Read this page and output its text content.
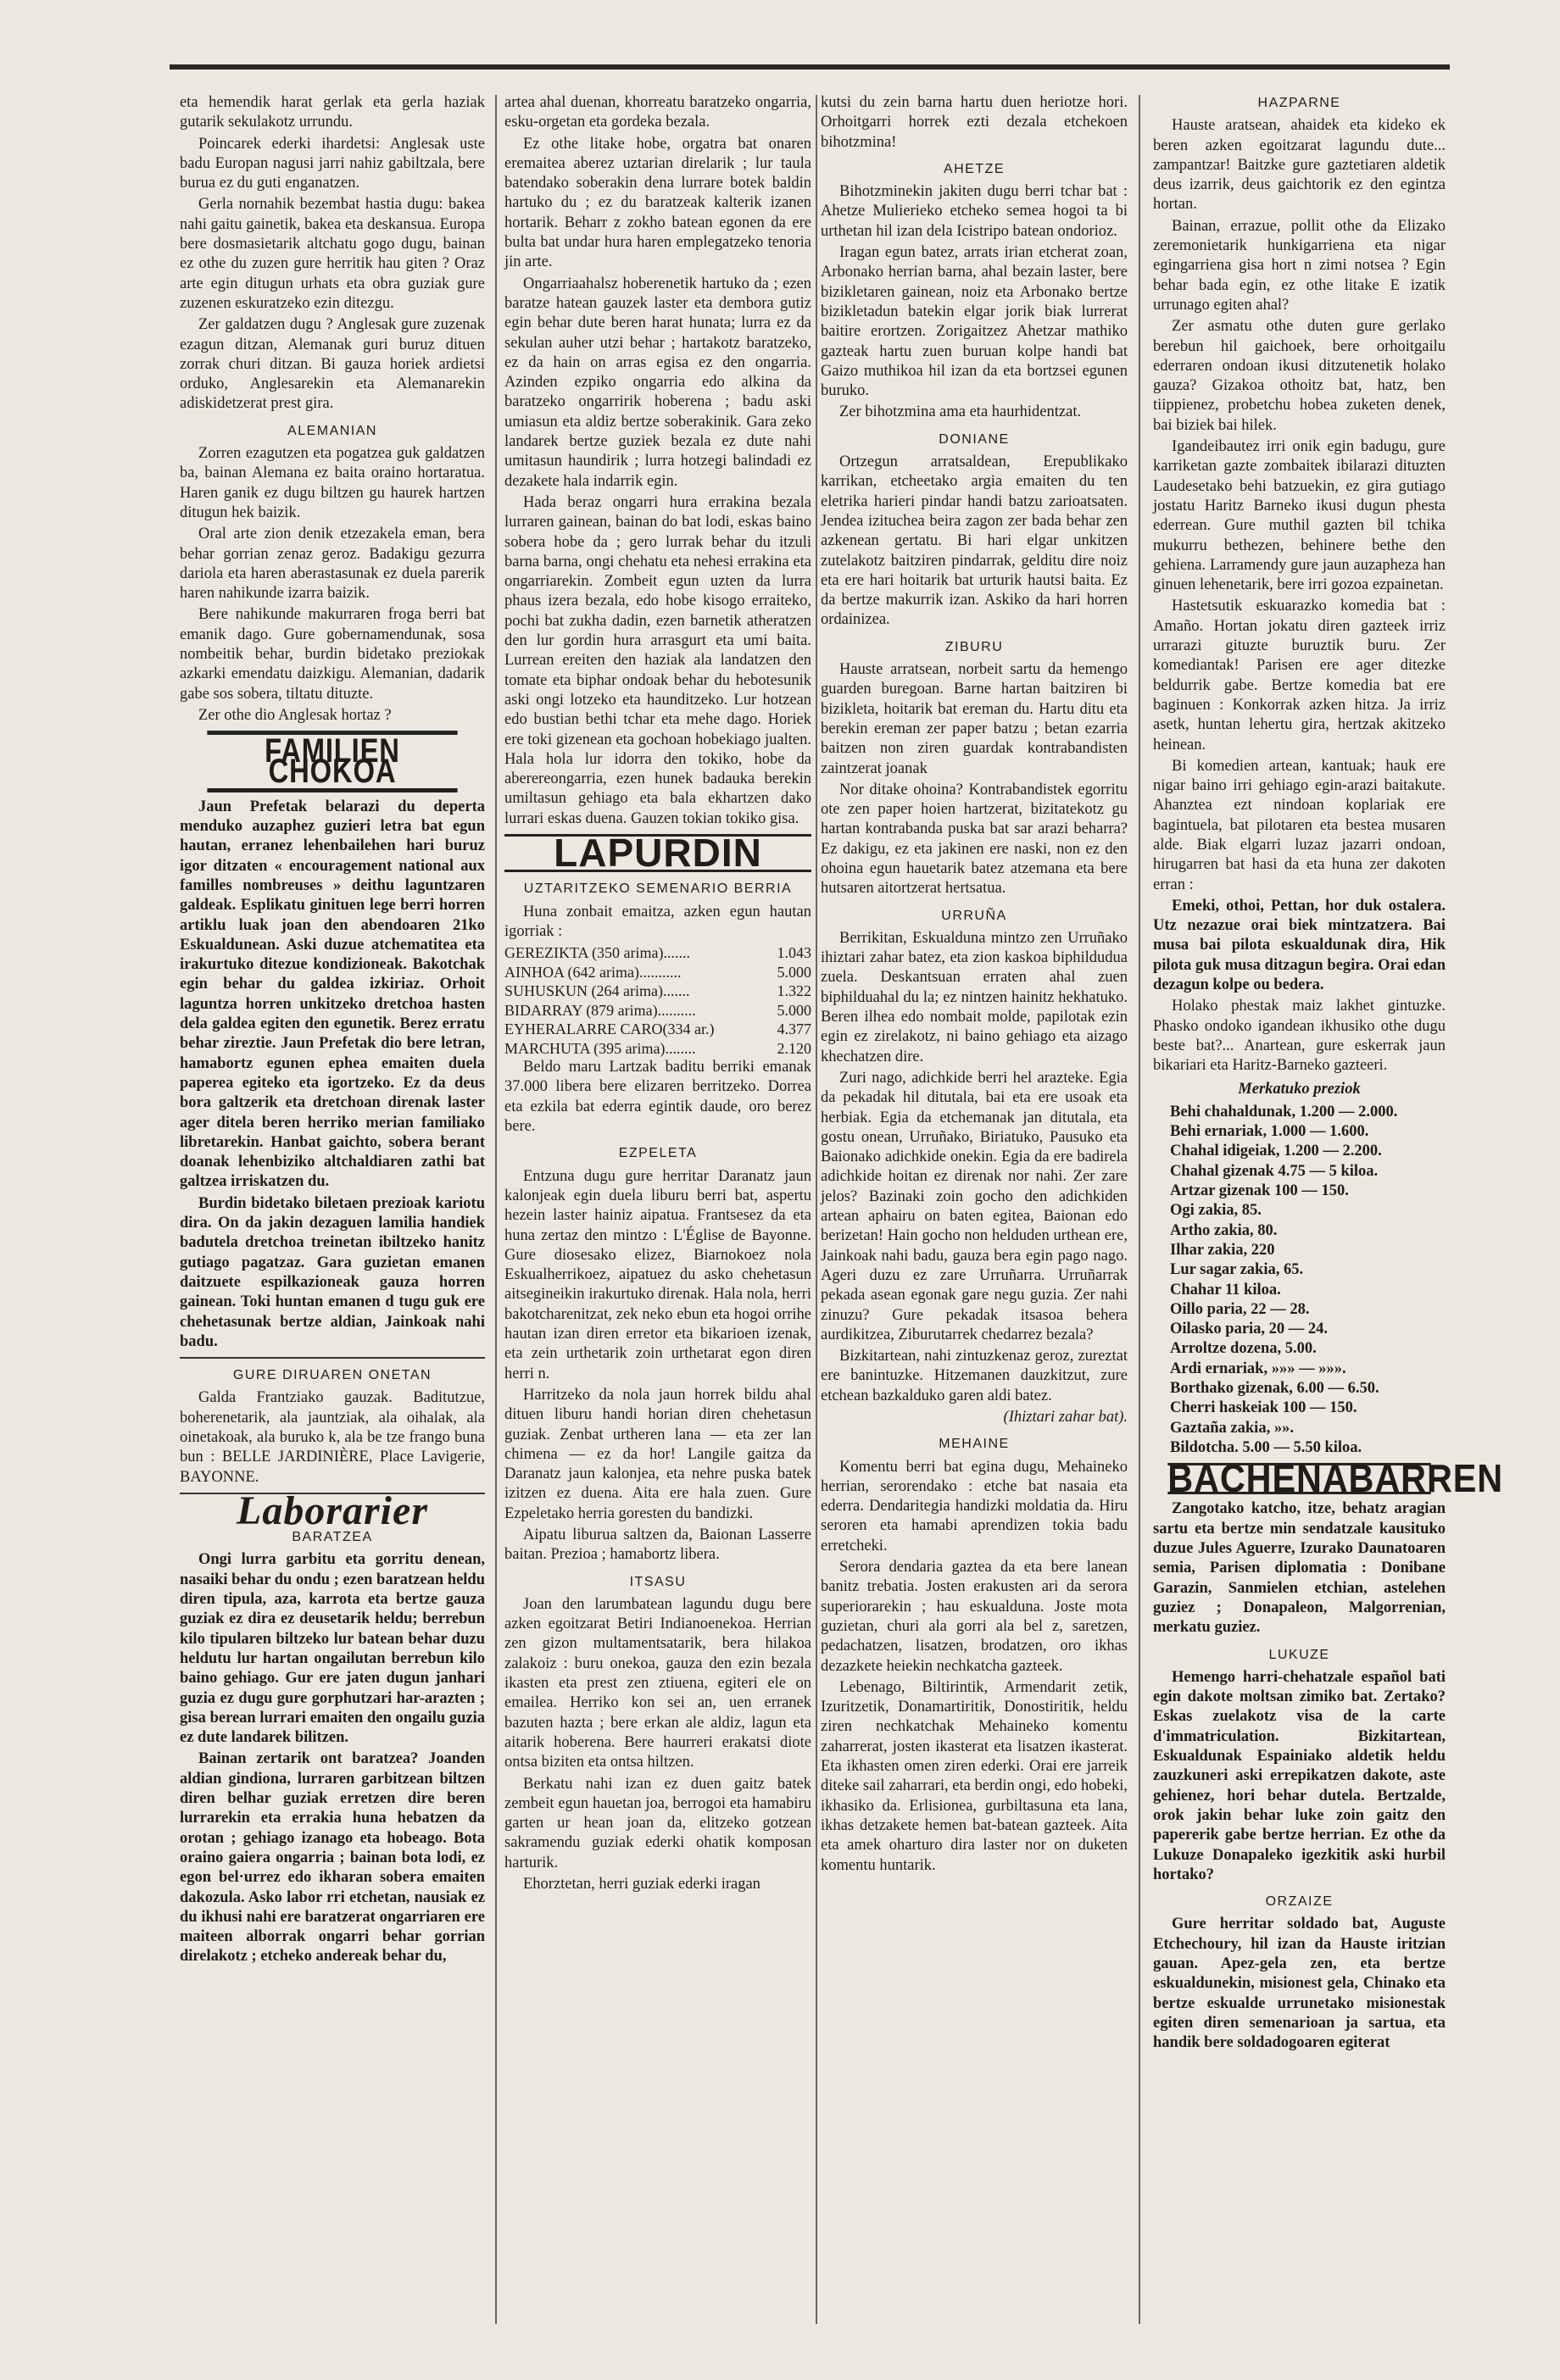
eta hemendik harat gerlak eta gerla haziak gutarik sekulakotz urrundu.

Poincarek ederki ihardetsi: Anglesak uste badu Europan nagusi jarri nahiz gabiltzala, bere burua ez du guti enganatzen.

Gerla nornahik bezembat hastia dugu: bakea nahi gaitu gainetik, bakea eta deskansua. Europa bere dosmasietarik altchatu gogo dugu, bainan ez othe du zuzen gure herritik hau giten ? Oraz arte egin ditugun urhats eta obra guziak gure zuzenen eskuratzeko ezin ditezgu.

Zer galdatzen dugu ? Anglesak gure zuzenak ezagun ditzan, Alemanak guri buruz dituen zorrak churi ditzan. Bi gauza horiek ardietsi orduko, Anglesarekin eta Alemanarekin adiskidetzerat prest gira.

ALEMANIAN

Zorren ezagutzen eta pogatzea guk galdatzen ba, bainan Alemana ez baita oraino hortaratua. Haren ganik ez dugu biltzen gu haurek hartzen ditugun hek baizik.

Oral arte zion denik etzezakela eman, bera behar gorrian zenaz geroz. Badakigu gezurra dariola eta haren aberastasunak ez duela parerik haren nahikunde izarra baizik.

Bere nahikunde makurraren froga berri bat emanik dago. Gure gobernamendunak, sosa nombeitik behar, burdin bidetako preziokak azkarki emendatu daizkigu. Alemanian, dadarik gabe sos sobera, tiltatu dituzte.

Zer othe dio Anglesak hortaz ?

FAMILIEN CHOKOA

Jaun Prefetak belarazi du deperta menduko auzaphez guzieri letra bat egun hautan, erranez lehenbailehen hari buruz igor ditzaten « encouragement national aux familles nombreuses » deithu laguntzaren galdeak. Esplikatu ginituen lege berri horren artiklu luak joan den abendoaren 21ko Eskualdunean. Aski duzue atchematitea eta irakurtuko ditezue kondizioneak. Bakotchak egin behar du galdea izkiriaz. Orhoit laguntza horren unkitzeko dretchoa hasten dela galdea egiten den egunetik. Berez erratu behar zireztie. Jaun Prefetak dio bere letran, hamabortz egunen ephea emaiten duela paperea egiteko eta igortzeko. Ez da deus bora galtzerik eta dretchoan direnak laster ager ditela beren herriko merian familiako libretarekin. Hanbat gaichto, sobera berant doanak lehenbiziko altchaldiaren zathi bat galtzea irriskatzen du.

Burdin bidetako biletaen prezioak kariotu dira. On da jakin dezaguen lamilia handiek badutela dretchoa treinetan ibiltzeko hanitz gutiago pagatzaz. Gara guzietan emanen daitzuete espilkazioneak gauza horren gainean. Toki huntan emanen d tugu guk ere chehetasunak bertze aldian, Jainkoak nahi badu.

GURE DIRUAREN ONETAN

Galda Frantziako gauzak. Baditutzue, boherenetarik, ala jauntziak, ala oihalak, ala oinetakoak, ala buruko k, ala be tze frango buna bun : BELLE JARDINIÈRE, Place Lavigerie, BAYONNE.

Laborarier
BARATZEA

Ongi lurra garbitu eta gorritu denean, nasaiki behar du ondu ; ezen baratzean heldu diren tipula, aza, karrota eta bertze gauza guziak ez dira ez deusetarik heldu; berrebun kilo tipularen biltzeko lur batean behar duzu heldutu lur hartan ongailutan berrebun kilo baino gehiago. Gur ere jaten dugun janhari guzia ez dugu gure gorphutzari har-arazten ; gisa berean lurrari emaiten den ongailu guzia ez dute landarek bilitzen.

Bainan zertarik ont baratzea? Joanden aldian gindiona, lurraren garbitzean biltzen diren belhar guziak erretzen dire beren lurrarekin eta errakia huna hebatzen da orotan ; gehiago izanago eta hobeago. Bota oraino gaiera ongarria ; bainan bota lodi, ez egon bel·urrez edo ikharan sobera emaiten dakozula. Asko labor rri etchetan, nausiak ez du ikhusi nahi ere baratzerat ongarriaren ere maiteen alborrak ongarri behar gorrian direlakotz ; etcheko andereak behar du,

artea ahal duenan, khorreatu baratzeko ongarria, esku-orgetan eta gordeka bezala.

Ez othe litake hobe, orgatra bat onaren eremaitea aberez uztarian direlarik ; lur taula batendako soberakin dena lurrare botek baldin hartuko du ; ez du baratzeak kalterik izanen hortarik. Beharr z zokho batean egonen da ere bulta bat undar hura haren emplegatzeko tenoria jin arte.

Ongarriaahalsz hoberenetik hartuko da ; ezen baratze hatean gauzek laster eta dembora gutiz egin behar dute beren harat hunata; lurra ez da sekulan auher utzi behar ; hartakotz baratzeko, ez da hain on arras egisa ez den ongarria. Azinden ezpiko ongarria edo alkina da baratzeko ongarririk hoberena ; badu aski umiasun eta aldiz bertze soberakinik. Gara zeko landarek bertze guziek bezala ez dute nahi umitasun haundirik ; lurra hotzegi balindadi ez dezakete hala indarrik egin.

Hada beraz ongarri hura errakina bezala lurraren gainean, bainan do bat lodi, eskas baino sobera hobe da ; gero lurrak behar du itzuli barna barna, ongi chehatu eta nehesi errakina eta ongarriarekin. Zombeit egun uzten da lurra phaus izera bezala, edo hobe kisogo erraiteko, pochi bat zukha dadin, ezen barnetik atheratzen den lur gordin hura arrasgurt eta umi baita. Lurrean ereiten den haziak ala landatzen den tomate eta biphar ondoak behar du hebotesunik aski ongi lotzeko eta haunditzeko. Lur hotzean edo bustian bethi tchar eta mehe dago. Horiek ere toki gizenean eta gochoan hobekiago jualten. Hala hola lur idorra den tokiko, hobe da aberereongarria, ezen hunek badauka berekin umiltasun gehiago eta bala ekhartzen dako lurrari eskas duena. Gauzen tokian tokiko gisa.

LAPURDIN
UZTARITZEKO SEMENARIO BERRIA

Huna zonbait emaitza, azken egun hautan igorriak :

GEREZIKTA (350 arima).......	1.043
AINHOA (642 arima)...........	5.000
SUHUSKUN (264 arima).......	1.322
BIDARRAY (879 arima)..........	5.000
EYHERALARRE CARO(334 ar.)	4.377
MARCHUTA (395 arima)........	2.120

Beldo maru Lartzak baditu berriki emanak 37.000 libera bere elizaren berritzeko. Dorrea eta ezkila bat ederra egintik daude, oro berez bere.

EZPELETA

Entzuna dugu gure herritar Daranatz jaun kalonjeak egin duela liburu berri bat, aspertu hezein laster hainiz aipatua. Frantsesez da eta huna zertaz den mintzo : L'Église de Bayonne. Gure diosesako elizez, Biarnokoez nola Eskualherrikoez, aipatuez du asko chehetasun aitsegineikin irakurtuko direnak. Hala nola, herri bakotcharenitzat, zek neko ebun eta hogoi orrihe hautan izan diren erretor eta bikarioen izenak, eta zein urthetarik zoin urthetarat egon diren herri n.

Harritzeko da nola jaun horrek bildu ahal dituen liburu handi horian diren chehetasun guziak. Zenbat urtheren lana — eta zer lan chimena — ez da hor! Langile gaitza da Daranatz jaun kalonjea, eta nehre puska batek izitzen ez duena. Aita ere hala zuen. Gure Ezpeletako herria goresten du bandizki.

Aipatu liburua saltzen da, Baionan Lasserre baitan. Prezioa ; hamabortz libera.

ITSASU

Joan den larumbatean lagundu dugu bere azken egoitzarat Betiri Indianoenekoa. Herrian zen gizon multamentsatarik, bera hilakoa zalakoiz : buru onekoa, gauza den ezin bezala ikasten eta prest zen ztiuena, egiteri ele on emailea. Herriko kon sei an, uen erranek bazuten hazta ; bere erkan ale aldiz, lagun eta aitarik hoberena. Bere haurreri erakatsi diote ontsa biziten eta ontsa hiltzen.

Berkatu nahi izan ez duen gaitz batek zembeit egun hauetan joa, berrogoi eta hamabiru garten ur hean joan da, elitzeko gotzean sakramendu guziak ederki ohatik komposan harturik.

Ehorztetan, herri guziak ederki iragan

kutsi du zein barna hartu duen heriotze hori. Orhoitgarri horrek ezti dezala etchekoen bihotzmina!

AHETZE

Bihotzminekin jakiten dugu berri tchar bat : Ahetze Mulierieko etcheko semea hogoi ta bi urthetan hil izan dela Icistripo batean ondorioz.

Iragan egun batez, arrats irian etcherat zoan, Arbonako herrian barna, ahal bezain laster, bere bizikletaren gainean, noiz eta Arbonako bertze bizikletadun batekin elgar jorik biak lurrerat baitire erortzen. Zorigaitzez Ahetzar mathiko gazteak hartu zuen buruan kolpe handi bat Gaizo muthikoa hil izan da eta bortzsei egunen buruko.

Zer bihotzmina ama eta haurhidentzat.

DONIANE

Ortzegun arratsaldean, Erepublikako karrikan, etcheetako argia emaiten du ten eletrika harieri pindar handi batzu zarioatsaten. Jendea izituchea beira zagon zer bada behar zen azkenean gertatu. Bi hari elgar unkitzen zutelakotz baitziren pindarrak, gelditu dire noiz eta ere hari hoitarik bat urturik hautsi baita. Ez da bertze makurrik izan. Askiko da hari horren ordainizea.

ZIBURU

Hauste arratsean, norbeit sartu da hemengo guarden buregoan. Barne hartan baitziren bi bizikleta, hoitarik bat ereman du. Hartu ditu eta berekin ereman zer paper batzu ; betan ezarria baitzen non ziren guardak kontrabandisten zaintzerat joanak

Nor ditake ohoina? Kontrabandistek egorritu ote zen paper hoien hartzerat, bizitatekotz gu hartan kontrabanda puska bat sar arazi beharra? Ez dakigu, ez eta jakinen ere naski, non ez den ohoina egun hauetarik batez atzemana eta bere hutsaren aitortzerat hertsatua.

URRUÑA

Berrikitan, Eskualduna mintzo zen Urruñako ihiztari zahar batez, eta zion kaskoa biphildudua zuela. Deskantsuan erraten ahal zuen biphilduahal du la; ez nintzen hainitz hekhatuko. Beren ilhea edo nombait molde, papilotak ezin egin ez zirelakotz, ni baino gehiago eta aizago khechatzen dire.

Zuri nago, adichkide berri hel arazteke. Egia da pekadak hil ditutala, bai eta ere usoak eta herbiak. Egia da etchemanak jan ditutala, eta gostu onean, Urruñako, Biriatuko, Pausuko eta Baionako adichkide onekin. Egia da ere badirela adichkide hoitan ez direnak nor nahi. Zer zare jelos? Bazinaki zoin gocho den adichkiden artean aphairu on baten egitea, Baionan edo berizetan! Hain gocho non helduden urthean ere, Jainkoak nahi badu, gauza bera egin pago nago. Ageri duzu ez zare Urruñarra. Urruñarrak pekada asean egonak gare negu guzia. Zer nahi zinuzu? Gure pekadak itsasoa behera aurdikitzea, Ziburutarrek chedarrez bezala?

Bizkitartean, nahi zintuzkenaz geroz, zureztat ere banintuzke. Hitzemanen dauzkitzut, zure etchean bazkalduko garen aldi batez.

(Ihiztari zahar bat).
MEHAINE

Komentu berri bat egina dugu, Mehaineko herrian, serorendako : etche bat nasaia eta ederra. Dendaritegia handizki moldatia da. Hiru seroren eta hamabi aprendizen tokia badu erretcheki.

Serora dendaria gaztea da eta bere lanean banitz trebatia. Josten erakusten ari da serora superiorarekin ; hau eskualduna. Joste mota guzietan, churi ala gorri ala bel z, saretzen, pedachatzen, lisatzen, brodatzen, oro ikhas dezazkete heiekin nechkatcha gazteek.

Lebenago, Biltirintik, Armendarit zetik, Izuritzetik, Donamartiritik, Donostiritik, heldu ziren nechkatchak Mehaineko komentu zaharrerat, josten ikasterat eta lisatzen ikasterat. Eta ikhasten omen ziren ederki. Orai ere jarreik diteke sail zaharrari, eta berdin ongi, edo hobeki, ikhasiko da. Erlisionea, gurbiltasuna eta lana, ikhas detzakete hemen bat-batean gazteek. Aita eta amek oharturo dira laster nor on duketen komentu huntarik.

HAZPARNE

Hauste aratsean, ahaidek eta kideko ek beren azken egoitzarat lagundu dute... zampantzar! Baitzke gure gaztetiaren aldetik deus izarrik, deus gaichtorik ez den egintza hortan.

Bainan, errazue, pollit othe da Elizako zeremonietarik hunkigarriena eta nigar egingarriena gisa hort n zimi notsea ? Egin behar bada egin, ez othe litake E izatik urrunago egiten ahal?

Zer asmatu othe duten gure gerlako berebun hil gaichoek, bere orhoitgailu ederraren ondoan ikusi ditzutenetik holako gauza? Gizakoa othoitz bat, hatz, ben tiippienez, probetchu hobea zuketen denek, bai biziek bai hilek.

Igandeibautez irri onik egin badugu, gure karriketan gazte zombaitek ibilarazi dituzten Laudesetako behi batzuekin, ez gira gutiago jostatu Haritz Barneko ikusi dugun phesta ederrean. Gure muthil gazten bil tchika mukurru bethezen, behinere bethe den gehiena. Larramendy gure jaun auzapheza han ginuen lehenetarik, bere irri gozoa ezpainetan.

Hastetsutik eskuarazko komedia bat : Amaño. Hortan jokatu diren gazteek irriz urrarazi gituzte buruztik buru. Zer komediantak! Parisen ere ager ditezke beldurrik gabe. Bertze komedia bat ere baginuen : Konkorrak azken hitza. Ja irriz asetk, huntan lehertu gira, hertzak akitzeko heinean.

Bi komedien artean, kantuak; hauk ere nigar baino irri gehiago egin-arazi baitakute. Ahanztea ezt nindoan koplariak ere bagintuela, bat pilotaren eta bestea musaren alde. Biak elgarri luzaz jazarri ondoan, hirugarren bat hasi da eta huna zer dakoten erran :

Emeki, othoi, Pettan, hor duk ostalera. Utz nezazue orai biek mintzatzera. Bai musa bai pilota eskualdunak dira, Hik pilota guk musa ditzagun begira. Orai edan dezagun kolpe ou bedera.

Holako phestak maiz lakhet gintuzke. Phasko ondoko igandean ikhusiko othe dugu beste bat?... Anartean, gure eskerrak jaun bikariari eta Haritz-Barneko gazteeri.

Merkatuko preziok
Behi chahaldunak, 1.200 — 2.000.
Behi ernariak, 1.000 — 1.600.
Chahal idigeiak, 1.200 — 2.200.
Chahal gizenak 4.75 — 5 kiloa.
Artzar gizenak 100 — 150.
Ogi zakia, 85.
Artho zakia, 80.
Ilhar zakia, 220
Lur sagar zakia, 65.
Chahar 11 kiloa.
Oillo paria, 22 — 28.
Oilasko paria, 20 — 24.
Arroltze dozena, 5.00.
Ardi ernariak, »»» — »»».
Borthako gizenak, 6.00 — 6.50.
Cherri haskeiak 100 — 150.
Gaztaña zakia, »».
Bildotcha. 5.00 — 5.50 kiloa.
BACHENABARREN

Zangotako katcho, itze, behatz aragian sartu eta bertze min sendatzale kausituko duzue Jules Aguerre, Izurako Daunatoaren semia, Parisen diplomatia : Donibane Garazin, Sanmielen etchian, astelehen guziez ; Donapaleon, Malgorrenian, merkatu guziez.

LUKUZE

Hemengo harri-chehatzale español bati egin dakote moltsan zimiko bat. Zertako? Eskas zuelakotz visa de la carte d'immatriculation. Bizkitartean, Eskualdunak Espainiako aldetik heldu zauzkuneri aski errepikatzen dakote, aste gehienez, hori behar dutela. Bertzalde, orok jakin behar luke zoin gaitz den papererik gabe bertze herrian. Ez othe da Lukuze Donapaleko igezkitik aski hurbil hortako?

ORZAIZE

Gure herritar soldado bat, Auguste Etchechoury, hil izan da Hauste iritzian gauan. Apez-gela zen, eta bertze eskualdunekin, misionest gela, Chinako eta bertze eskualde urrunetako misionestak egiten diren semenarioan ja sartua, eta handik bere soldadogoaren egiterat
